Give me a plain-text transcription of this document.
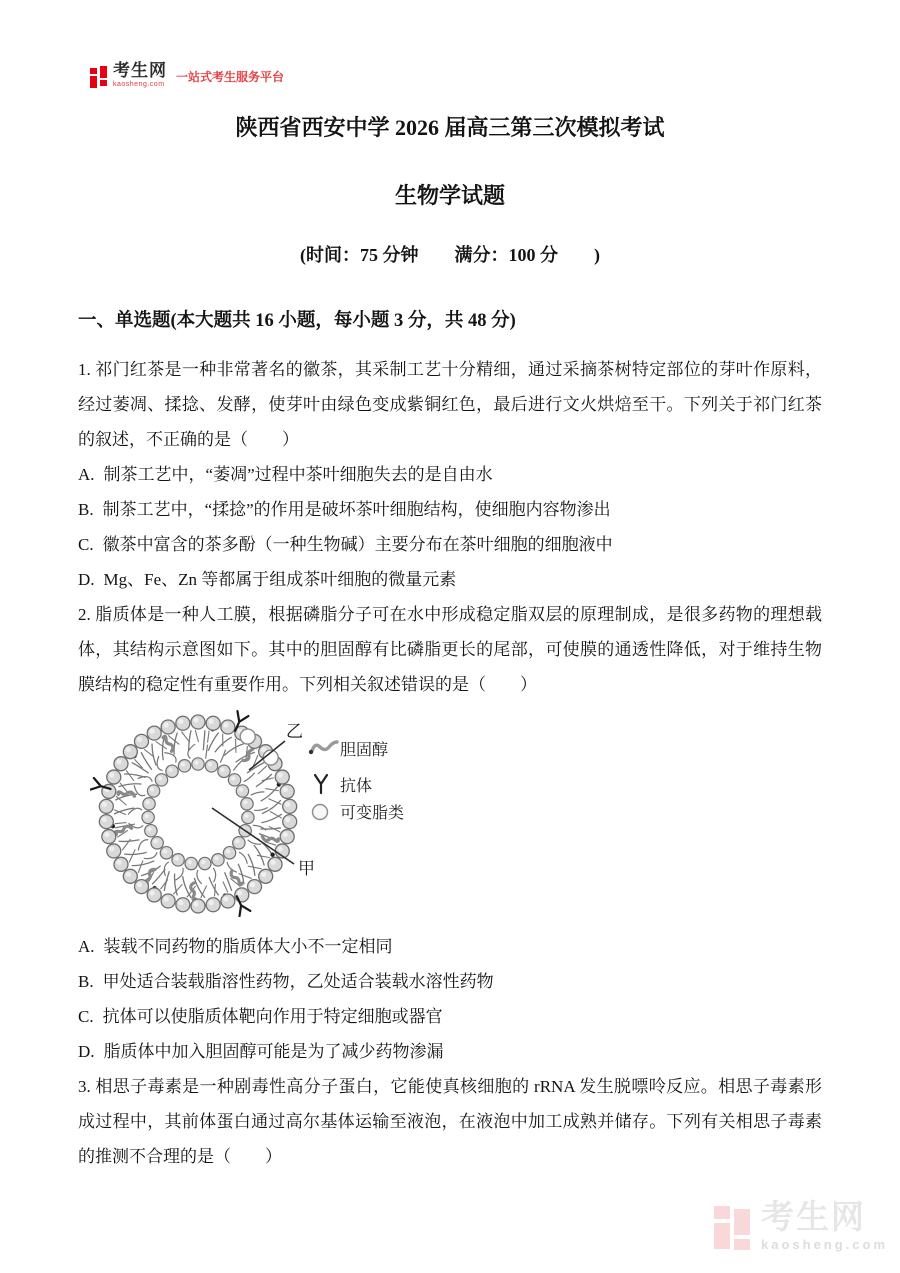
考生网
kaosheng.com
一站式考生服务平台
陕西省西安中学 2026 届高三第三次模拟考试
生物学试题
(时间：75 分钟　　满分：100 分　　)
一、单选题(本大题共 16 小题，每小题 3 分，共 48 分)

1. 祁门红茶是一种非常著名的徽茶，其采制工艺十分精细，通过采摘茶树特定部位的芽叶作原料，经过萎凋、揉捻、发酵，使芽叶由绿色变成紫铜红色，最后进行文火烘焙至干。下列关于祁门红茶的叙述，不正确的是（　　）

A. 制茶工艺中，“萎凋”过程中茶叶细胞失去的是自由水
B. 制茶工艺中，“揉捻”的作用是破坏茶叶细胞结构，使细胞内容物渗出
C. 徽茶中富含的茶多酚（一种生物碱）主要分布在茶叶细胞的细胞液中
D. Mg、Fe、Zn 等都属于组成茶叶细胞的微量元素

2. 脂质体是一种人工膜，根据磷脂分子可在水中形成稳定脂双层的原理制成，是很多药物的理想载体，其结构示意图如下。其中的胆固醇有比磷脂更长的尾部，可使膜的通透性降低，对于维持生物膜结构的稳定性有重要作用。下列相关叙述错误的是（　　）

乙
甲
胆固醇
抗体
可变脂类
A. 装载不同药物的脂质体大小不一定相同
B. 甲处适合装载脂溶性药物，乙处适合装载水溶性药物
C. 抗体可以使脂质体靶向作用于特定细胞或器官
D. 脂质体中加入胆固醇可能是为了减少药物渗漏

3. 相思子毒素是一种剧毒性高分子蛋白，它能使真核细胞的 rRNA 发生脱嘌呤反应。相思子毒素形成过程中，其前体蛋白通过高尔基体运输至液泡，在液泡中加工成熟并储存。下列有关相思子毒素的推测不合理的是（　　）

考生网
kaosheng.com
